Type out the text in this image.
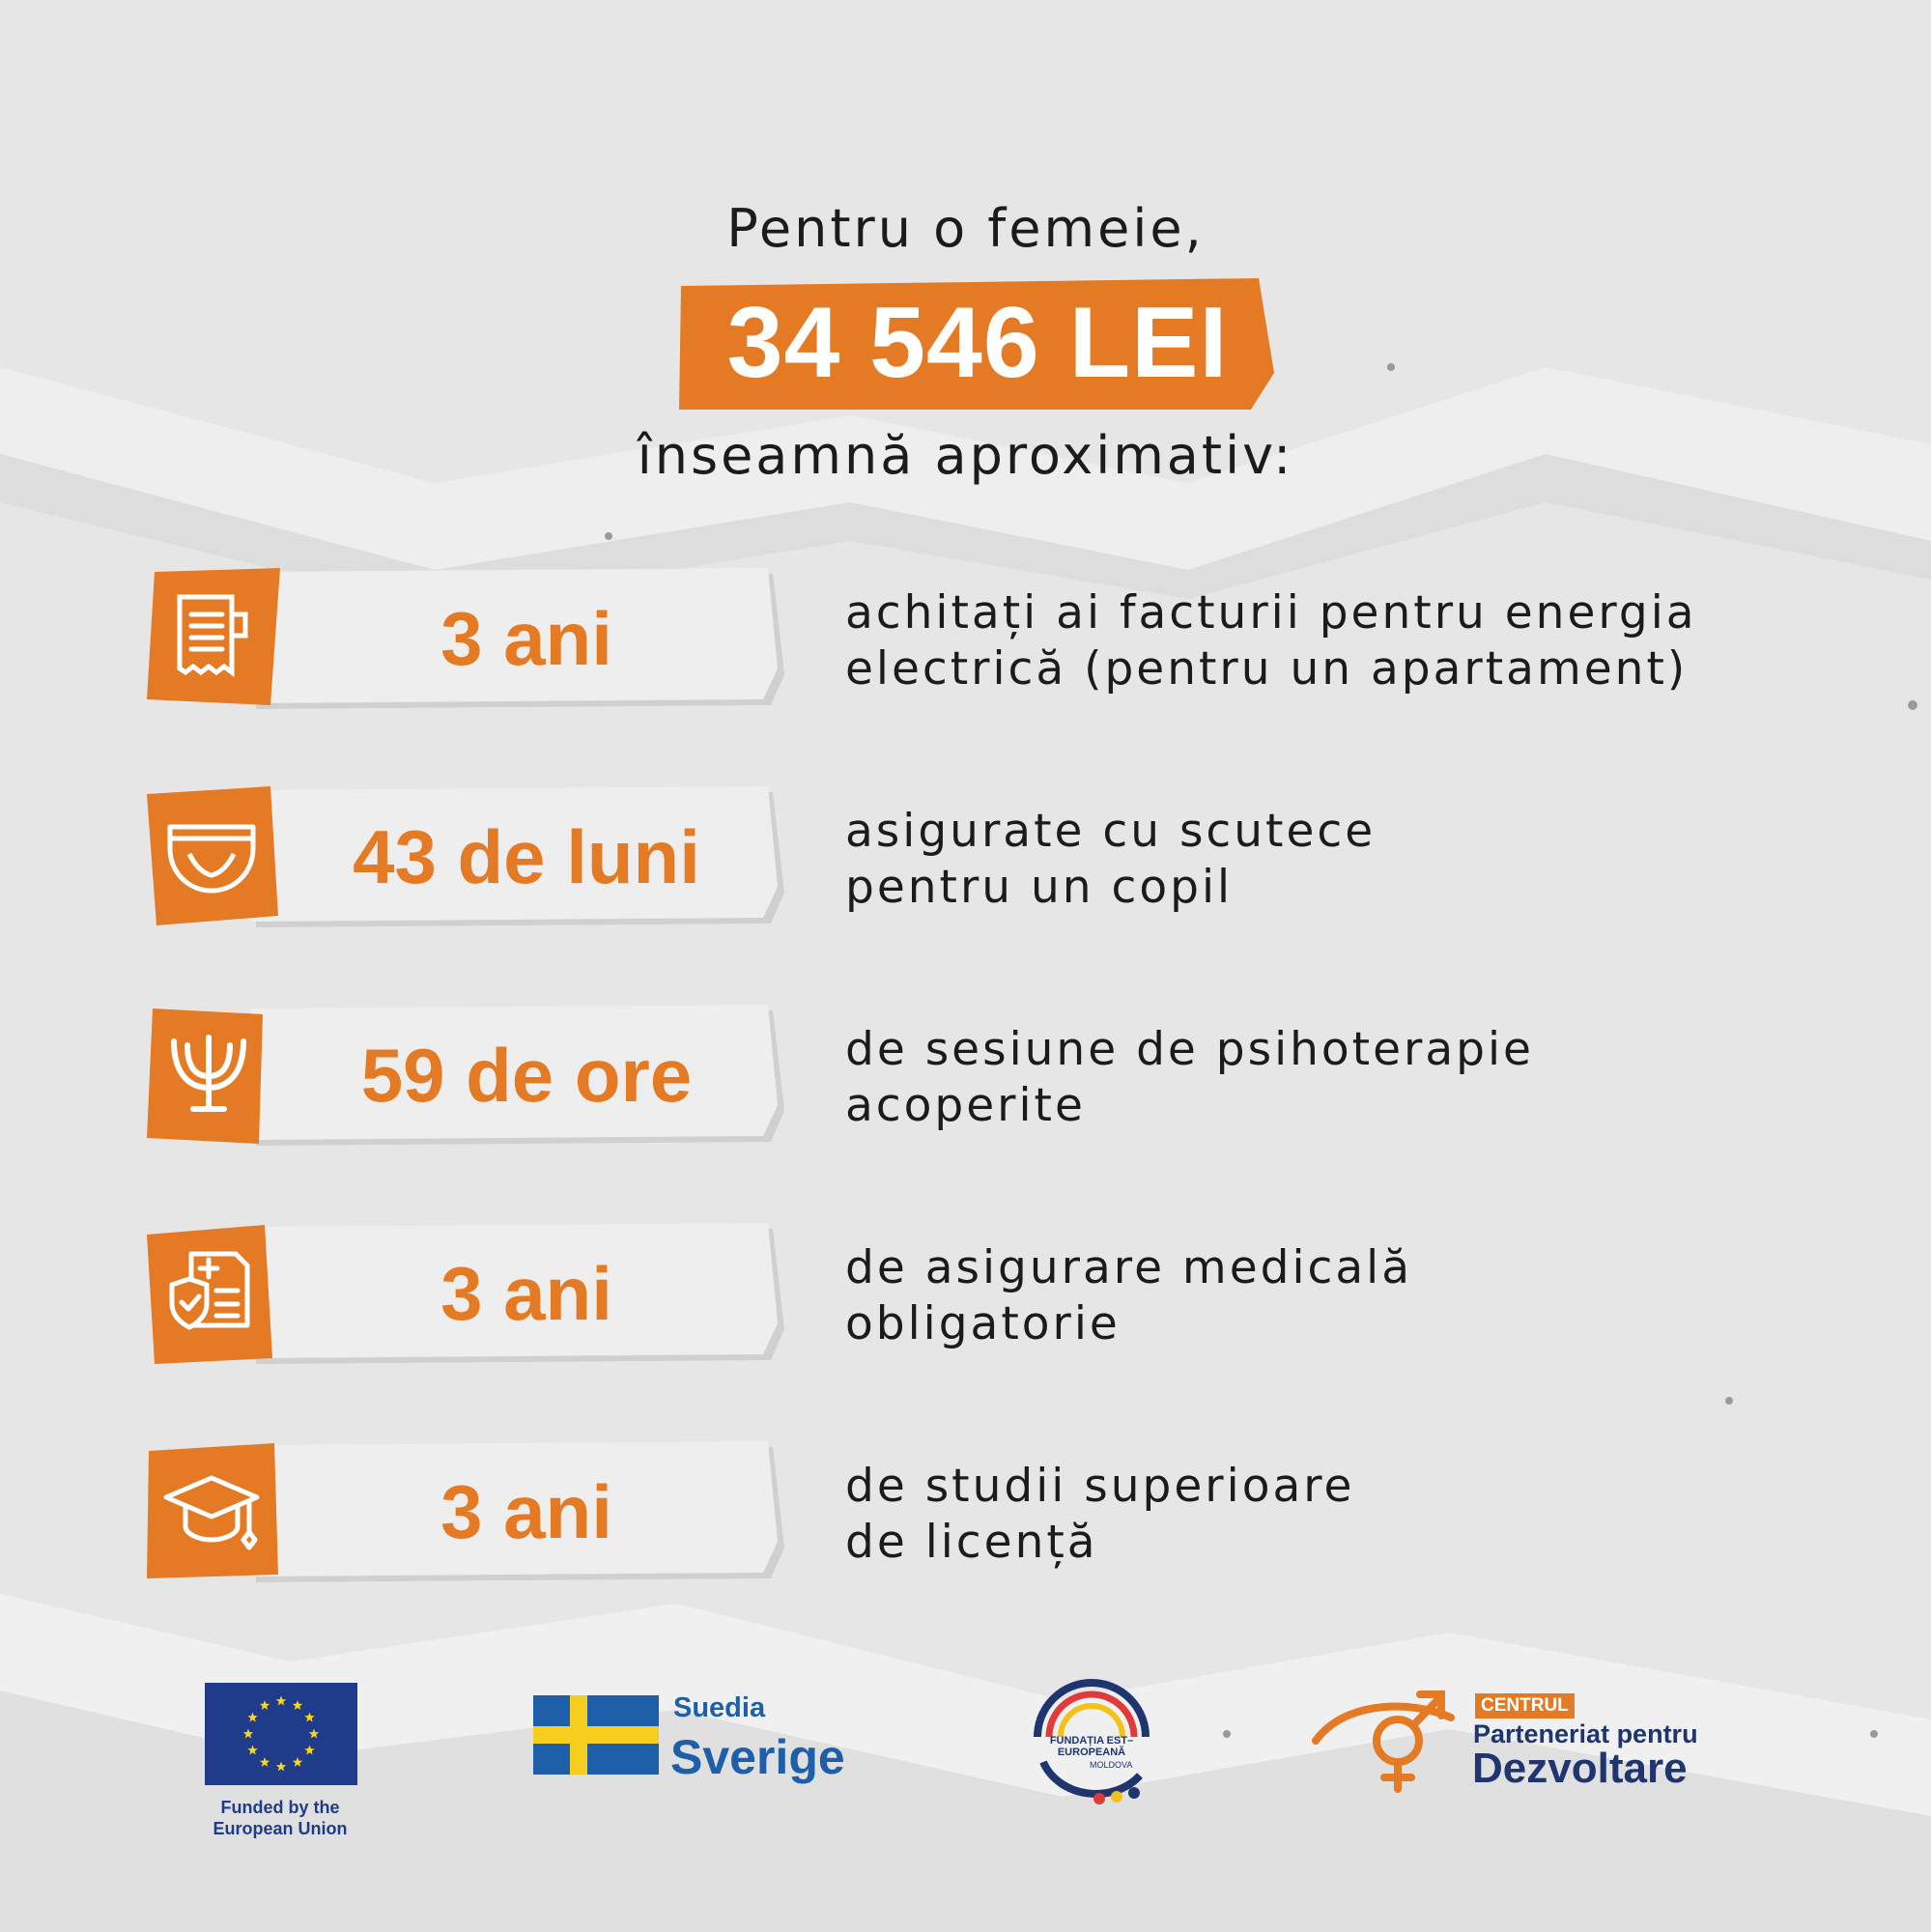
Pentru o femeie,
34 546 LEI
înseamnă aproximativ:
3 ani	achitați ai facturii pentru energia
electrică (pentru un apartament)
43 de luni	asigurate cu scutece
pentru un copil
59 de ore	de sesiune de psihoterapie
acoperite
3 ani	de asigurare medicală
obligatorie
3 ani	de studii superioare
de licență
Funded by the
European Union
Suedia
Sverige	FUNDAȚIA EST–EUROPEANĂ
MOLDOVA
CENTRUL
Parteneriat pentru
Dezvoltare
